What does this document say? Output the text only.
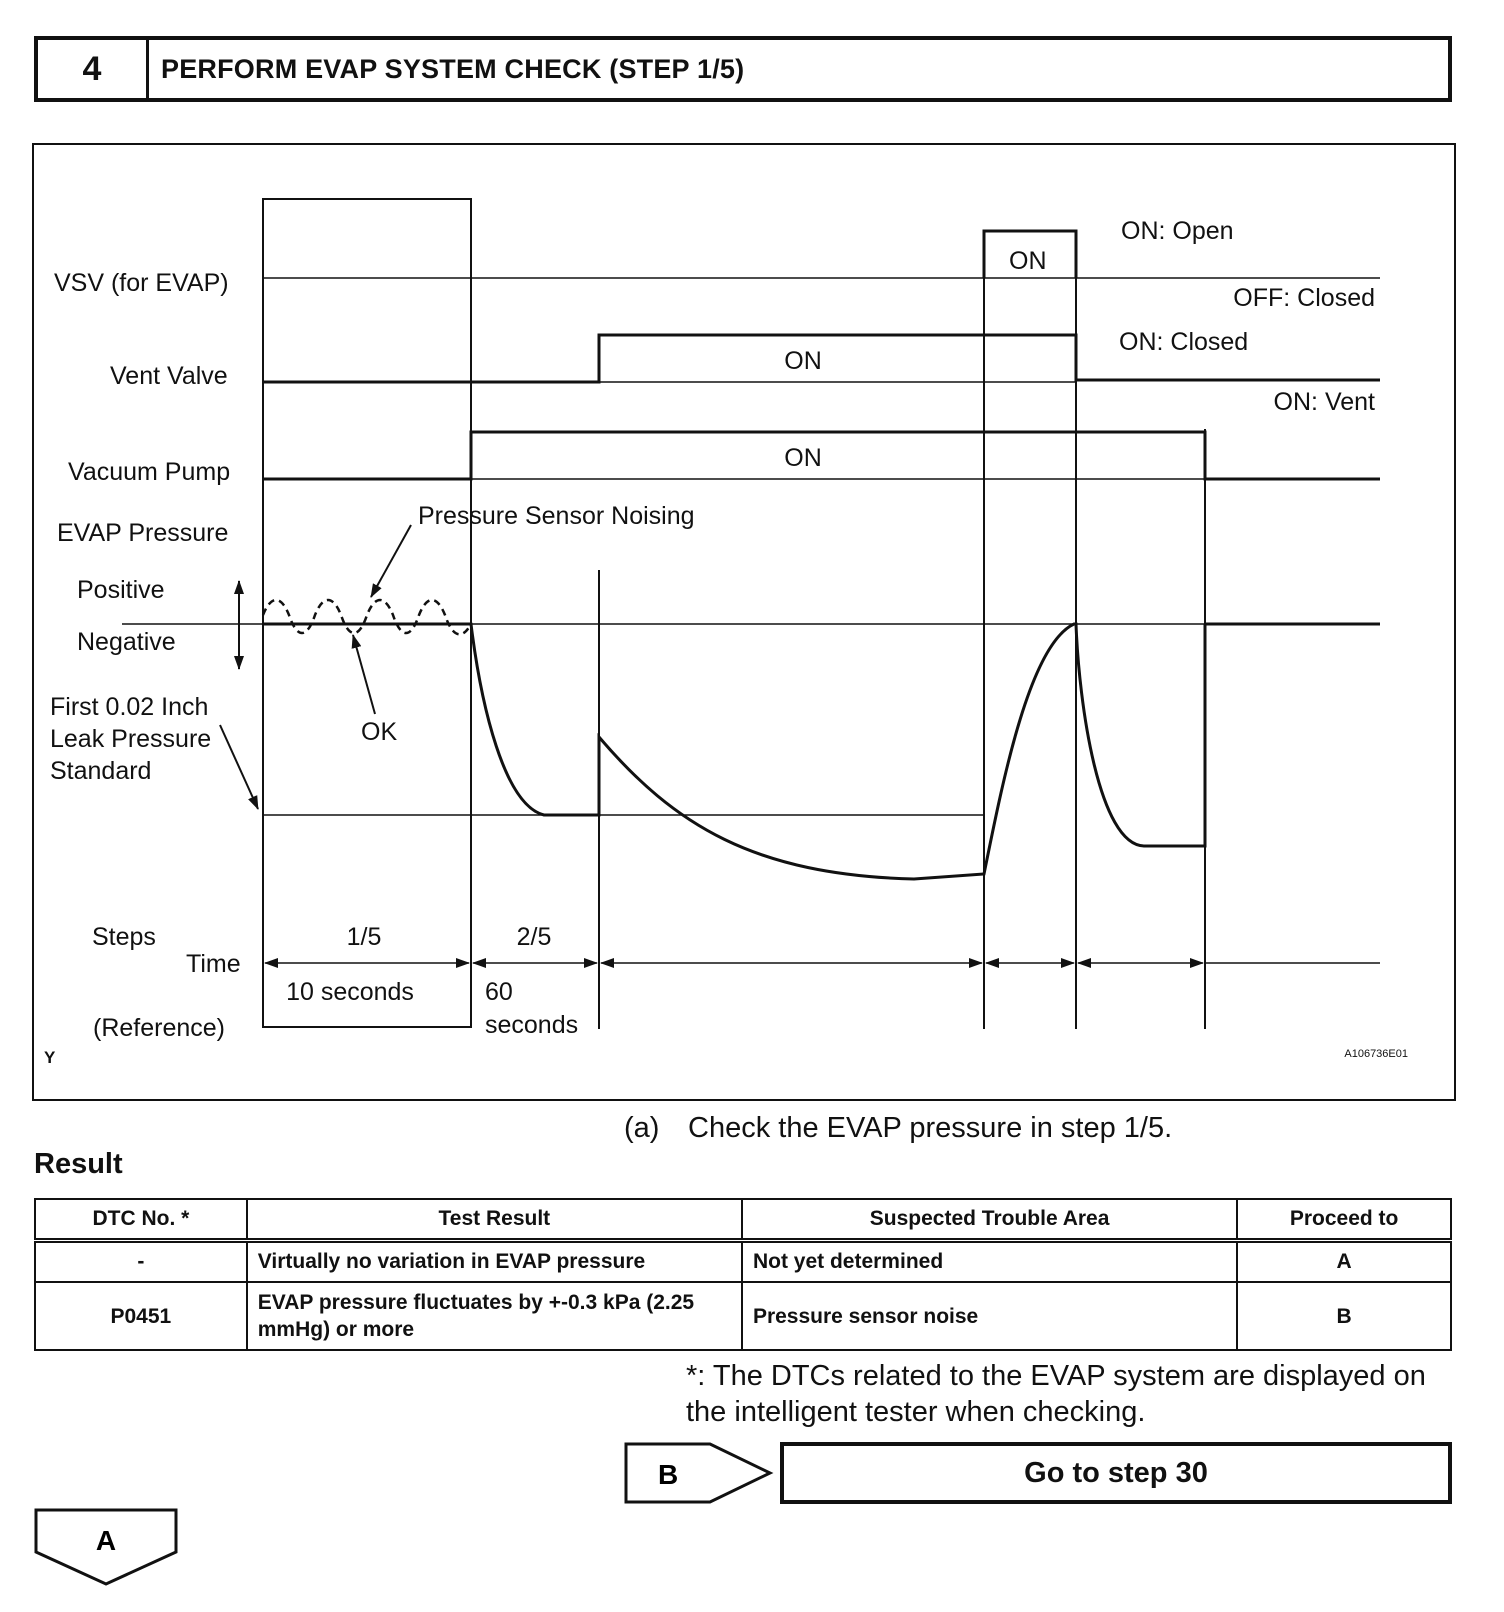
4	PERFORM EVAP SYSTEM CHECK (STEP 1/5)
VSV (for EVAP)
Vent Valve
Vacuum Pump
EVAP Pressure
Positive
Negative
First 0.02 Inch
Leak Pressure
Standard
Steps
Time
(Reference)
ON
ON: Open
OFF: Closed
ON
ON: Closed
ON: Vent
ON
Pressure Sensor Noising
OK
1/5	2/5
10 seconds	60
seconds
Y	A106736E01
(a) Check the EVAP pressure in step 1/5.
Result
DTC No. *	Test Result	Suspected Trouble Area	Proceed to
-	Virtually no variation in EVAP pressure	Not yet determined	A
P0451	EVAP pressure fluctuates by +-0.3 kPa (2.25 mmHg) or more	Pressure sensor noise	B
*: The DTCs related to the EVAP system are displayed on the intelligent tester when checking.
B	Go to step 30
A
